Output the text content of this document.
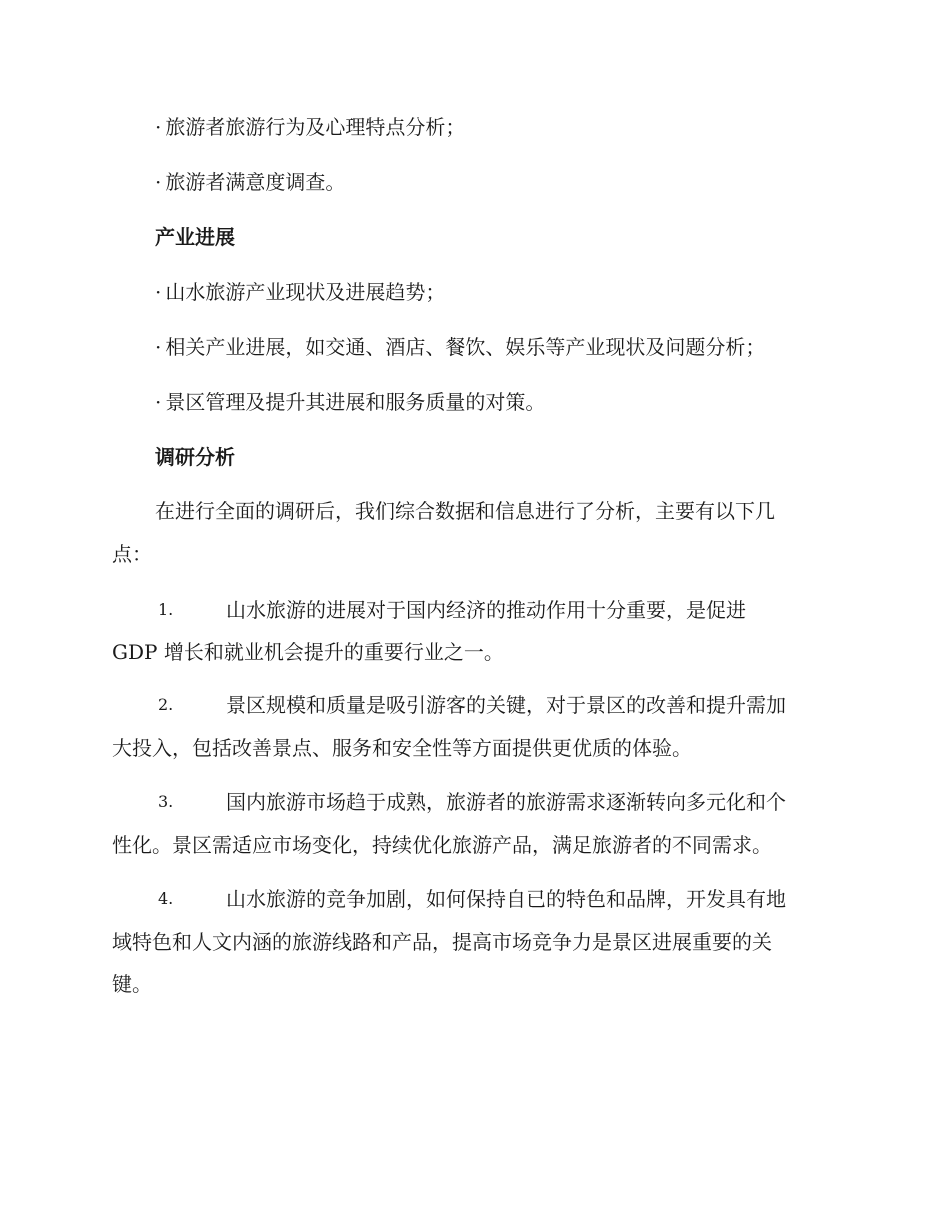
· 旅游者旅游行为及心理特点分析；
· 旅游者满意度调查。
产业进展
· 山水旅游产业现状及进展趋势；
· 相关产业进展，如交通、酒店、餐饮、娱乐等产业现状及问题分析；
· 景区管理及提升其进展和服务质量的对策。
调研分析
在进行全面的调研后，我们综合数据和信息进行了分析，主要有以下几
点：
1.	山水旅游的进展对于国内经济的推动作用十分重要，是促进
GDP 增长和就业机会提升的重要行业之一。
2.	景区规模和质量是吸引游客的关键，对于景区的改善和提升需加
大投入，包括改善景点、服务和安全性等方面提供更优质的体验。
3.	国内旅游市场趋于成熟，旅游者的旅游需求逐渐转向多元化和个
性化。景区需适应市场变化，持续优化旅游产品，满足旅游者的不同需求。
4.	山水旅游的竞争加剧，如何保持自已的特色和品牌，开发具有地
域特色和人文内涵的旅游线路和产品，提高市场竞争力是景区进展重要的关
键。
